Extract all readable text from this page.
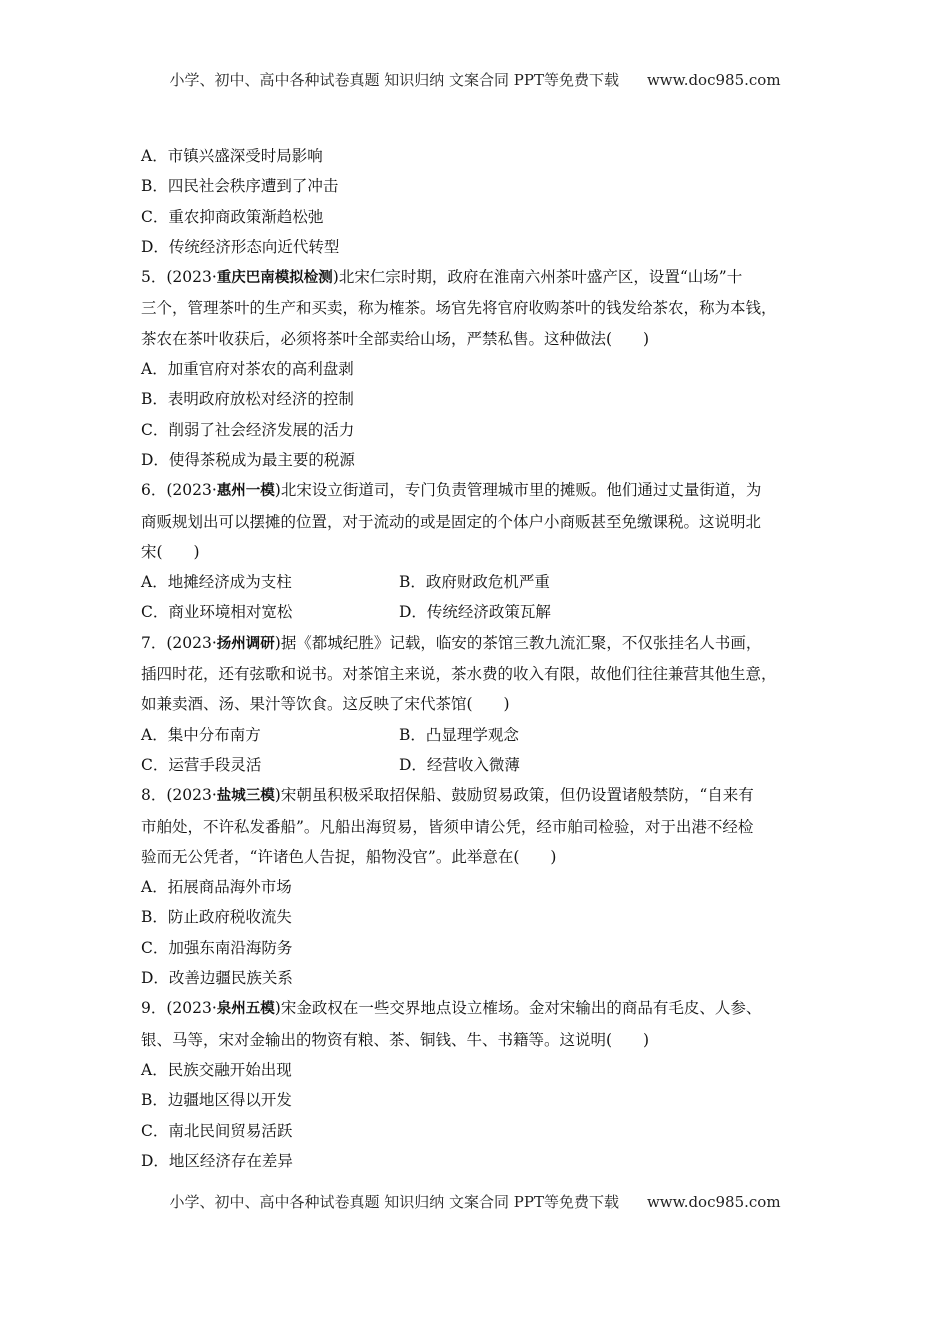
小学、初中、高中各种试卷真题 知识归纳 文案合同 PPT等免费下载 www.doc985.com
A．市镇兴盛深受时局影响
B．四民社会秩序遭到了冲击
C．重农抑商政策渐趋松弛
D．传统经济形态向近代转型
5．(2023·重庆巴南模拟检测)北宋仁宗时期，政府在淮南六州茶叶盛产区，设置“山场”十
三个，管理茶叶的生产和买卖，称为榷茶。场官先将官府收购茶叶的钱发给茶农，称为本钱，
茶农在茶叶收获后，必须将茶叶全部卖给山场，严禁私售。这种做法(　　)
A．加重官府对茶农的高利盘剥
B．表明政府放松对经济的控制
C．削弱了社会经济发展的活力
D．使得茶税成为最主要的税源
6．(2023·惠州一模)北宋设立街道司，专门负责管理城市里的摊贩。他们通过丈量街道，为
商贩规划出可以摆摊的位置，对于流动的或是固定的个体户小商贩甚至免缴课税。这说明北
宋(　　)
A．地摊经济成为支柱	B．政府财政危机严重
C．商业环境相对宽松	D．传统经济政策瓦解
7．(2023·扬州调研)据《都城纪胜》记载，临安的茶馆三教九流汇聚，不仅张挂名人书画，
插四时花，还有弦歌和说书。对茶馆主来说，茶水费的收入有限，故他们往往兼营其他生意，
如兼卖酒、汤、果汁等饮食。这反映了宋代茶馆(　　)
A．集中分布南方	B．凸显理学观念
C．运营手段灵活	D．经营收入微薄
8．(2023·盐城三模)宋朝虽积极采取招保船、鼓励贸易政策，但仍设置诸般禁防，“自来有
市舶处，不许私发番船”。凡船出海贸易，皆须申请公凭，经市舶司检验，对于出港不经检
验而无公凭者，“许诸色人告捉，船物没官”。此举意在(　　)
A．拓展商品海外市场
B．防止政府税收流失
C．加强东南沿海防务
D．改善边疆民族关系
9．(2023·泉州五模)宋金政权在一些交界地点设立榷场。金对宋输出的商品有毛皮、人参、
银、马等，宋对金输出的物资有粮、茶、铜钱、牛、书籍等。这说明(　　)
A．民族交融开始出现
B．边疆地区得以开发
C．南北民间贸易活跃
D．地区经济存在差异
小学、初中、高中各种试卷真题 知识归纳 文案合同 PPT等免费下载 www.doc985.com
